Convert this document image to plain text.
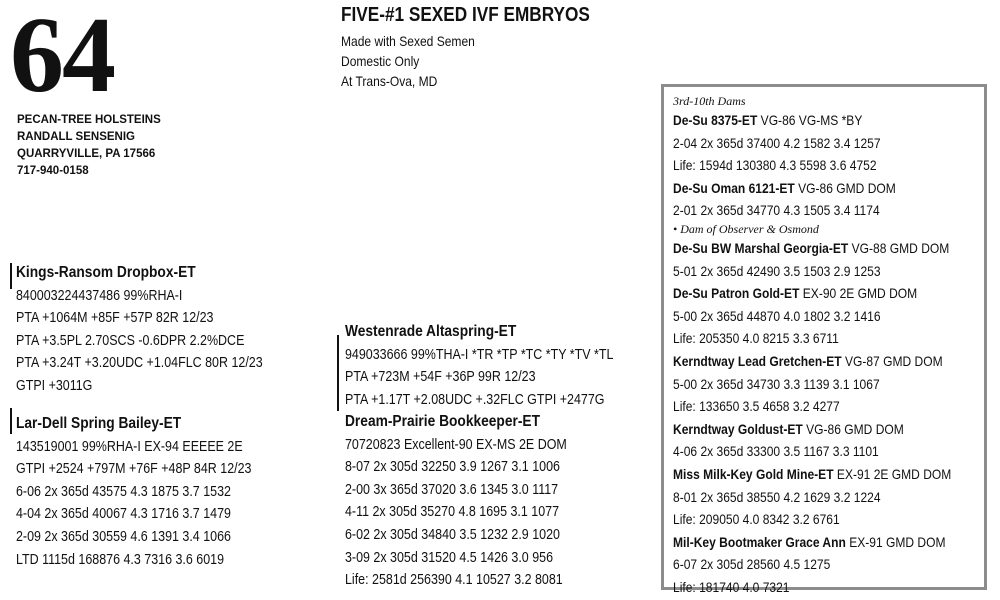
64
PECAN-TREE HOLSTEINS
RANDALL SENSENIG
QUARRYVILLE, PA 17566
717-940-0158
FIVE-#1 SEXED IVF EMBRYOS
Made with Sexed Semen
Domestic Only
At Trans-Ova, MD
Kings-Ransom Dropbox-ET
840003224437486 99%RHA-I
PTA +1064M +85F +57P 82R 12/23
PTA +3.5PL 2.70SCS -0.6DPR 2.2%DCE
PTA +3.24T +3.20UDC +1.04FLC 80R 12/23
GTPI +3011G
Lar-Dell Spring Bailey-ET
143519001 99%RHA-I EX-94 EEEEE 2E
GTPI +2524 +797M +76F +48P 84R 12/23
6-06 2x 365d 43575 4.3 1875 3.7 1532
4-04 2x 365d 40067 4.3 1716 3.7 1479
2-09 2x 365d 30559 4.6 1391 3.4 1066
LTD 1115d 168876 4.3 7316 3.6 6019
Westenrade Altaspring-ET
949033666 99%THA-I *TR *TP *TC *TY *TV *TL
PTA +723M +54F +36P 99R 12/23
PTA +1.17T +2.08UDC +.32FLC GTPI +2477G
Dream-Prairie Bookkeeper-ET
70720823 Excellent-90 EX-MS 2E DOM
8-07 2x 305d 32250 3.9 1267 3.1 1006
2-00 3x 365d 37020 3.6 1345 3.0 1117
4-11 2x 305d 35270 4.8 1695 3.1 1077
6-02 2x 305d 34840 3.5 1232 2.9 1020
3-09 2x 305d 31520 4.5 1426 3.0 956
Life: 2581d 256390 4.1 10527 3.2 8081
3rd-10th Dams
De-Su 8375-ET VG-86 VG-MS *BY
2-04 2x 365d 37400 4.2 1582 3.4 1257
Life: 1594d 130380 4.3 5598 3.6 4752
De-Su Oman 6121-ET VG-86 GMD DOM
2-01 2x 365d 34770 4.3 1505 3.4 1174
• Dam of Observer & Osmond
De-Su BW Marshal Georgia-ET VG-88 GMD DOM
5-01 2x 365d 42490 3.5 1503 2.9 1253
De-Su Patron Gold-ET EX-90 2E GMD DOM
5-00 2x 365d 44870 4.0 1802 3.2 1416
Life: 205350 4.0 8215 3.3 6711
Kerndtway Lead Gretchen-ET VG-87 GMD DOM
5-00 2x 365d 34730 3.3 1139 3.1 1067
Life: 133650 3.5 4658 3.2 4277
Kerndtway Goldust-ET VG-86 GMD DOM
4-06 2x 365d 33300 3.5 1167 3.3 1101
Miss Milk-Key Gold Mine-ET EX-91 2E GMD DOM
8-01 2x 365d 38550 4.2 1629 3.2 1224
Life: 209050 4.0 8342 3.2 6761
Mil-Key Bootmaker Grace Ann EX-91 GMD DOM
6-07 2x 305d 28560 4.5 1275
Life: 181740 4.0 7321
